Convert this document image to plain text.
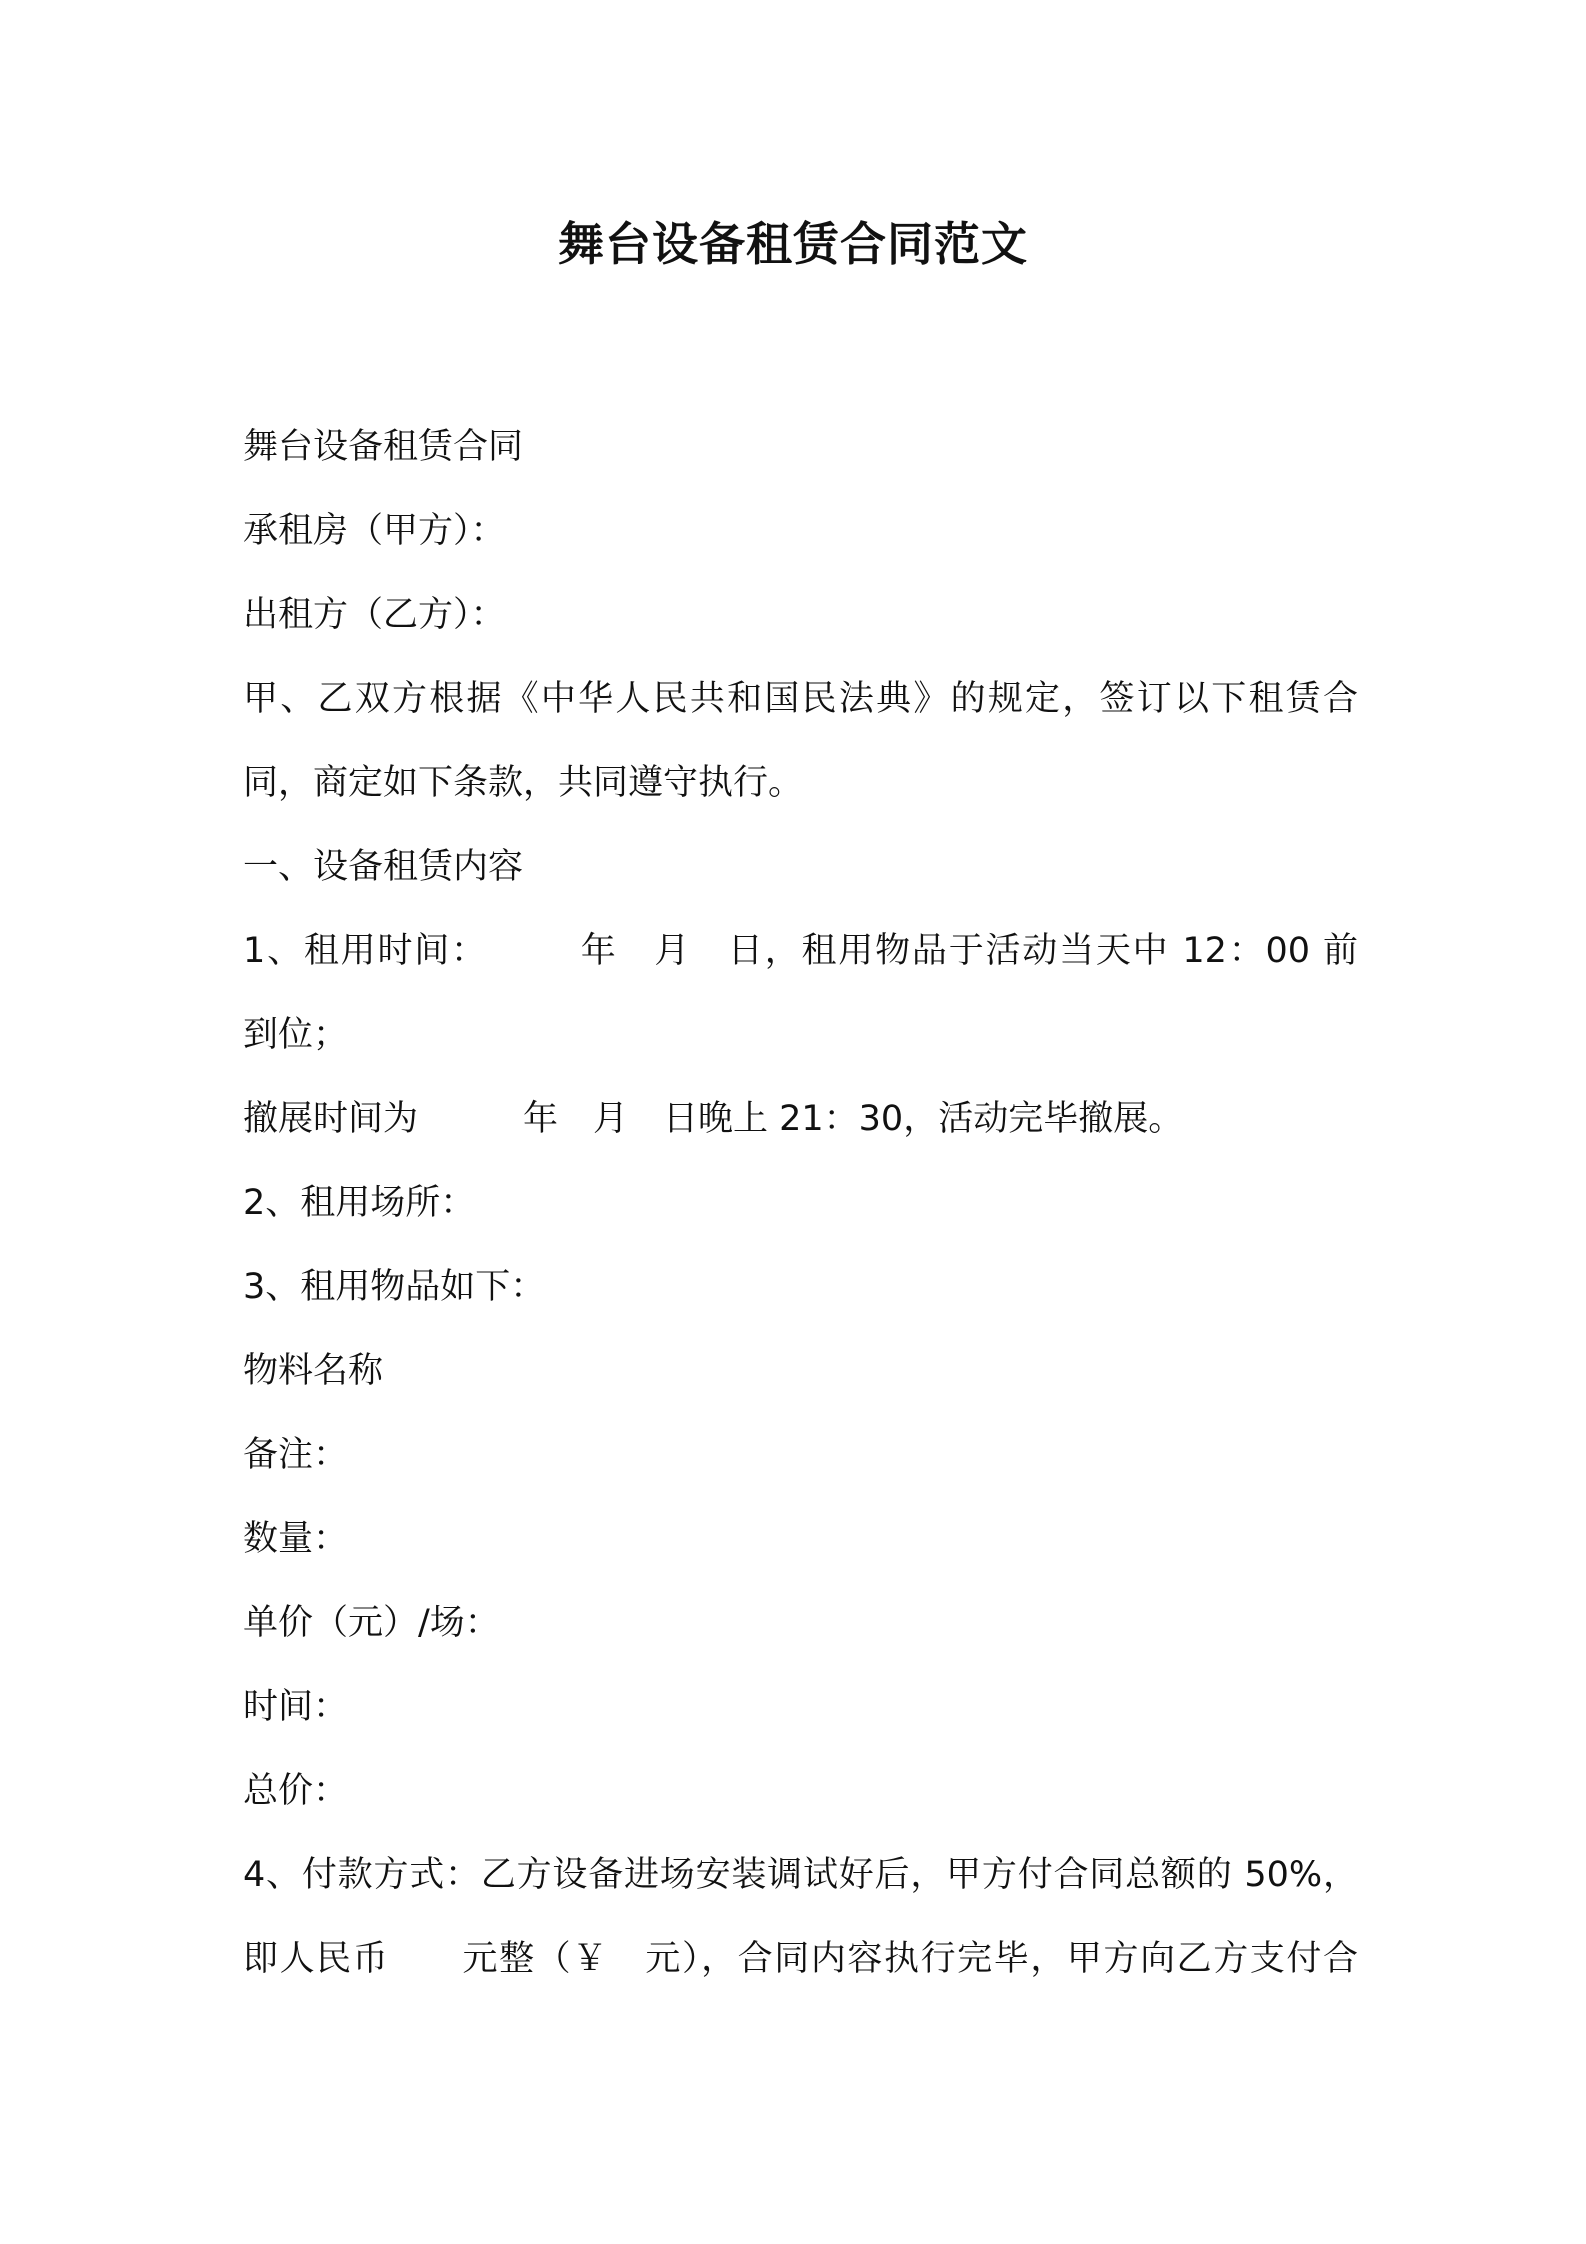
舞台设备租赁合同范文
舞台设备租赁合同
承租房（甲方）：
出租方（乙方）：
甲、乙双方根据《中华人民共和国民法典》的规定，签订以下租赁合
同，商定如下条款，共同遵守执行。
一、设备租赁内容
1、租用时间：　　　年　月　日，租用物品于活动当天中 12：00 前
到位；
撤展时间为　　　年　月　日晚上 21：30，活动完毕撤展。
2、租用场所：
3、租用物品如下：
物料名称
备注：
数量：
单价（元）/场：
时间：
总价：
4、付款方式：乙方设备进场安装调试好后，甲方付合同总额的 50%，
即人民币　　元整（￥　元），合同内容执行完毕，甲方向乙方支付合
